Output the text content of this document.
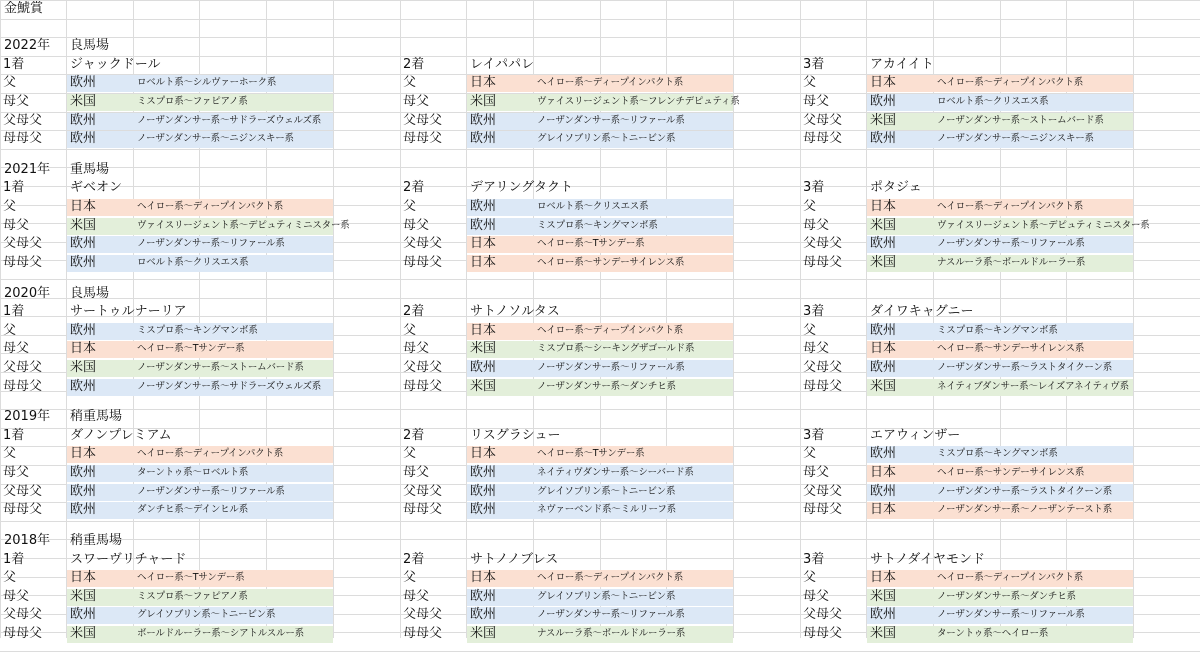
金鯱賞
2022年 良馬場
1着	ジャックドール
父	欧州	ロベルト系～シルヴァーホーク系
母父	米国	ミスプロ系～ファピアノ系
父母父 欧州	ノーザンダンサー系～サドラーズウェルズ系
母母父 欧州	ノーザンダンサー系～ニジンスキー系
2着	レイパパレ
父	日本	ヘイロー系～ディープインパクト系
母父	米国	ヴァイスリージェント系～フレンチデピュティ系
父母父 欧州	ノーザンダンサー系～リファール系
母母父 欧州	グレイソブリン系～トニービン系
3着	アカイイト
父	日本	ヘイロー系～ディープインパクト系
母父	欧州	ロベルト系～クリスエス系
父母父 米国	ノーザンダンサー系～ストームバード系
母母父 欧州	ノーザンダンサー系～ニジンスキー系
2021年 重馬場
1着	ギベオン
父	日本	ヘイロー系～ディープインパクト系
母父	米国	ヴァイスリージェント系～デピュティミニスター系
父母父 欧州	ノーザンダンサー系～リファール系
母母父 欧州	ロベルト系～クリスエス系
2着	デアリングタクト
父	欧州	ロベルト系～クリスエス系
母父	欧州	ミスプロ系～キングマンボ系
父母父 日本	ヘイロー系～Tサンデー系
母母父 日本	ヘイロー系～サンデーサイレンス系
3着	ポタジェ
父	日本	ヘイロー系～ディープインパクト系
母父	米国	ヴァイスリージェント系～デピュティミニスター系
父母父 欧州	ノーザンダンサー系～リファール系
母母父 米国	ナスルーラ系～ボールドルーラー系
2020年 良馬場
1着	サートゥルナーリア
父	欧州	ミスプロ系～キングマンボ系
母父	日本	ヘイロー系～Tサンデー系
父母父 米国	ノーザンダンサー系～ストームバード系
母母父 欧州	ノーザンダンサー系～サドラーズウェルズ系
2着	サトノソルタス
父	日本	ヘイロー系～ディープインパクト系
母父	米国	ミスプロ系～シーキングザゴールド系
父母父 欧州	ノーザンダンサー系～リファール系
母母父 米国	ノーザンダンサー系～ダンチヒ系
3着	ダイワキャグニー
父	欧州	ミスプロ系～キングマンボ系
母父	日本	ヘイロー系～サンデーサイレンス系
父母父 欧州	ノーザンダンサー系～ラストタイクーン系
母母父 米国	ネイティブダンサー系～レイズアネイティヴ系
2019年 稍重馬場
1着	ダノンプレミアム
父	日本	ヘイロー系～ディープインパクト系
母父	欧州	ターントゥ系～ロベルト系
父母父 欧州	ノーザンダンサー系～リファール系
母母父 欧州	ダンチヒ系～デインヒル系
2着	リスグラシュー
父	日本	ヘイロー系～Tサンデー系
母父	欧州	ネイティヴダンサー系～シーバード系
父母父 欧州	グレイソブリン系～トニービン系
母母父 欧州	ネヴァーベンド系～ミルリーフ系
3着	エアウィンザー
父	欧州	ミスプロ系～キングマンボ系
母父	日本	ヘイロー系～サンデーサイレンス系
父母父 欧州	ノーザンダンサー系～ラストタイクーン系
母母父 日本	ノーザンダンサー系～ノーザンテースト系
2018年 稍重馬場
1着	スワーヴリチャード
父	日本	ヘイロー系～Tサンデー系
母父	米国	ミスプロ系～ファピアノ系
父母父 欧州	グレイソブリン系～トニービン系
母母父 米国	ボールドルーラー系～シアトルスルー系
2着	サトノノブレス
父	日本	ヘイロー系～ディープインパクト系
母父	欧州	グレイソブリン系～トニービン系
父母父 欧州	ノーザンダンサー系～リファール系
母母父 米国	ナスルーラ系～ボールドルーラー系
3着	サトノダイヤモンド
父	日本	ヘイロー系～ディープインパクト系
母父	米国	ノーザンダンサー系～ダンチヒ系
父母父 欧州	ノーザンダンサー系～リファール系
母母父 米国	ターントゥ系～ヘイロー系
